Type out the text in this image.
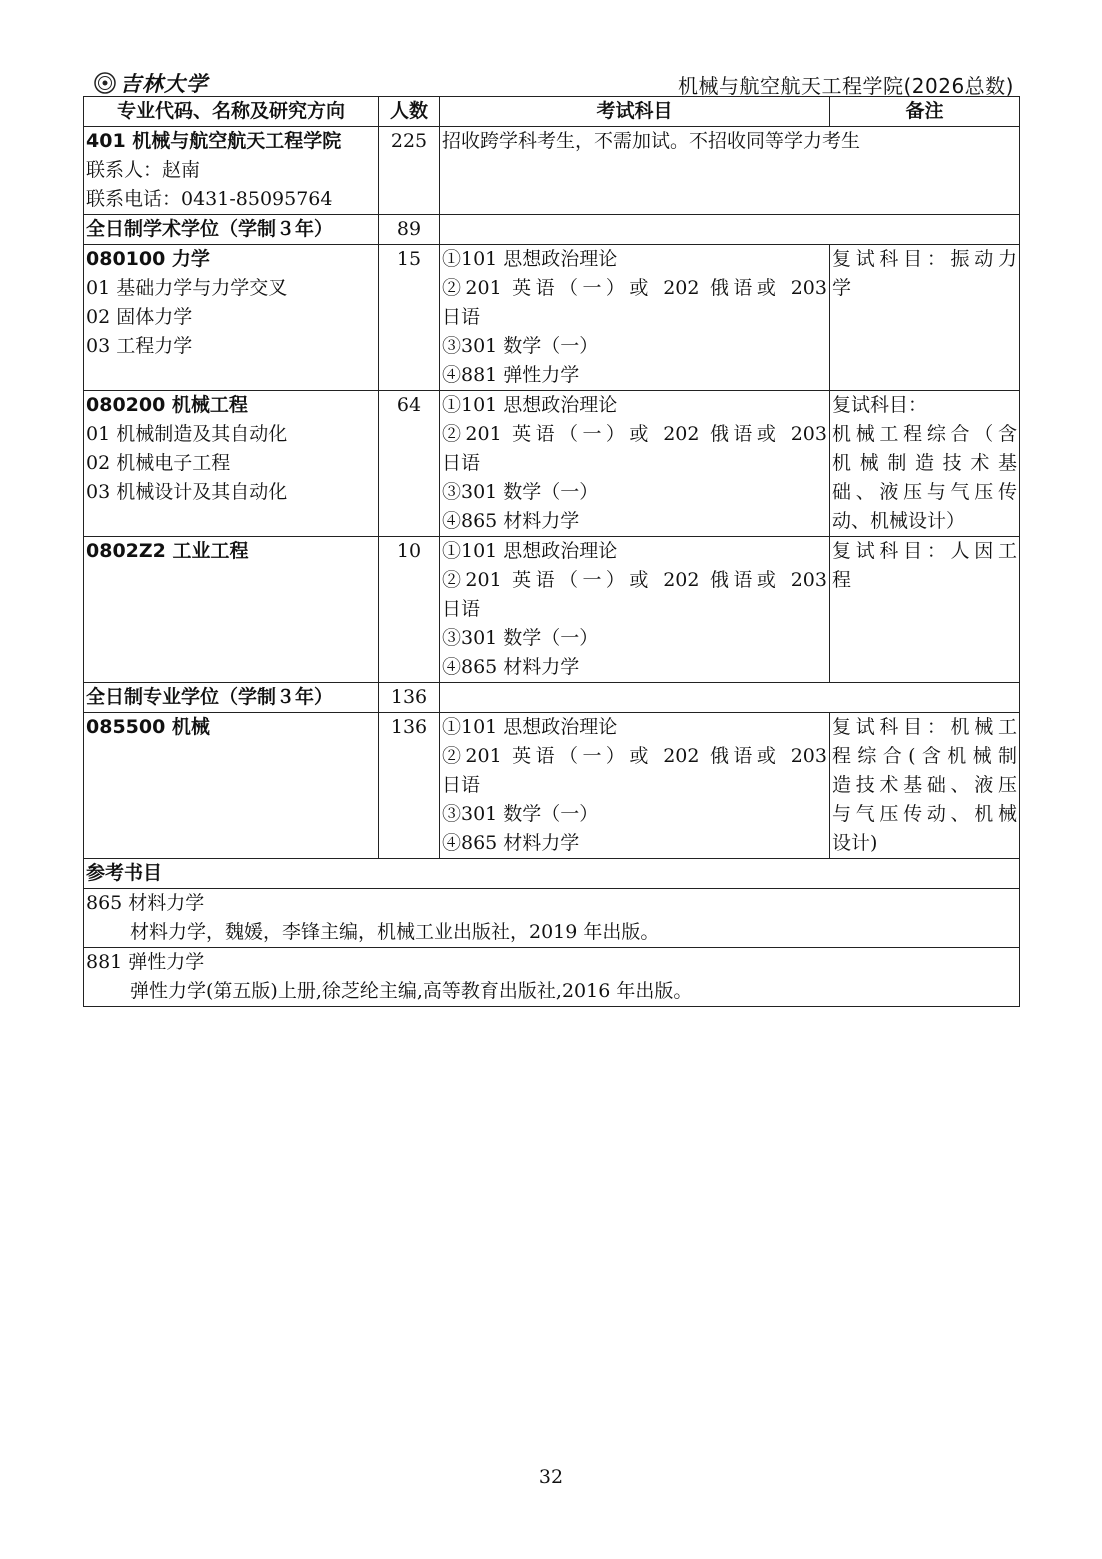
吉林大学	机械与航空航天工程学院(2026总数)
专业代码、名称及研究方向	人数	考试科目	备注

401 机械与航空航天工程学院
联系人：赵南
联系电话：0431-85095764	225	招收跨学科考生，不需加试。不招收同等学力考生	
全日制学术学位（学制３年）	89		

080100 力学
01 基础力学与力学交叉
02 固体力学
03 工程力学	15	①101 思想政治理论
②201 英语（一）或 202 俄语或 203
日语
③301 数学（一）
④881 弹性力学	复试科目：振动力
学

080200 机械工程
01 机械制造及其自动化
02 机械电子工程
03 机械设计及其自动化	64	①101 思想政治理论
②201 英语（一）或 202 俄语或 203
日语
③301 数学（一）
④865 材料力学	复试科目：
机械工程综合（含
机械制造技术基
础、液压与气压传
动、机械设计）

0802Z2 工业工程	10	①101 思想政治理论
②201 英语（一）或 202 俄语或 203
日语
③301 数学（一）
④865 材料力学	复试科目：人因工
程

全日制专业学位（学制３年）	136		

085500 机械	136	①101 思想政治理论
②201 英语（一）或 202 俄语或 203
日语
③301 数学（一）
④865 材料力学	复试科目：机械工
程综合(含机械制
造技术基础、液压
与气压传动、机械
设计)

参考书目			

865 材料力学
材料力学，魏媛，李锋主编，机械工业出版社，2019 年出版。			

881 弹性力学
弹性力学(第五版)上册,徐芝纶主编,高等教育出版社,2016 年出版。			
32
